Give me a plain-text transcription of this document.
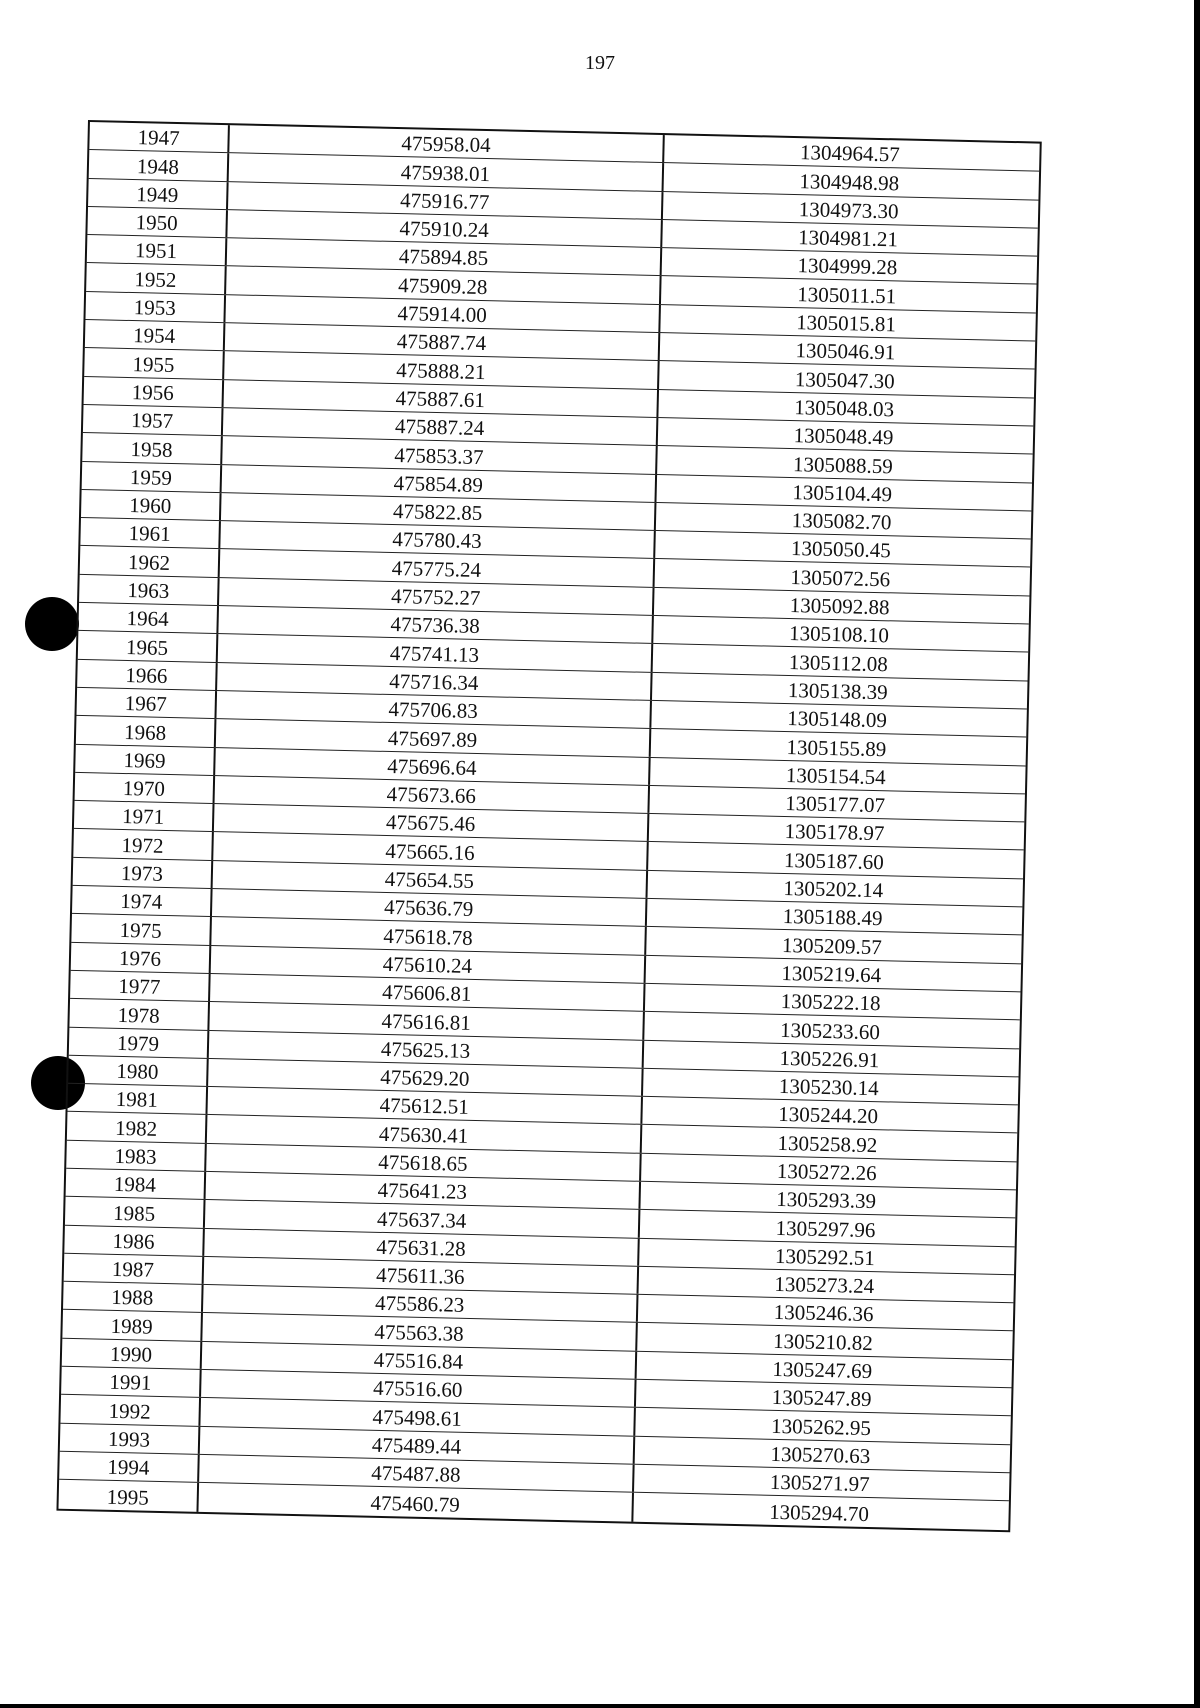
197
1947	475958.04	1304964.57
1948	475938.01	1304948.98
1949	475916.77	1304973.30
1950	475910.24	1304981.21
1951	475894.85	1304999.28
1952	475909.28	1305011.51
1953	475914.00	1305015.81
1954	475887.74	1305046.91
1955	475888.21	1305047.30
1956	475887.61	1305048.03
1957	475887.24	1305048.49
1958	475853.37	1305088.59
1959	475854.89	1305104.49
1960	475822.85	1305082.70
1961	475780.43	1305050.45
1962	475775.24	1305072.56
1963	475752.27	1305092.88
1964	475736.38	1305108.10
1965	475741.13	1305112.08
1966	475716.34	1305138.39
1967	475706.83	1305148.09
1968	475697.89	1305155.89
1969	475696.64	1305154.54
1970	475673.66	1305177.07
1971	475675.46	1305178.97
1972	475665.16	1305187.60
1973	475654.55	1305202.14
1974	475636.79	1305188.49
1975	475618.78	1305209.57
1976	475610.24	1305219.64
1977	475606.81	1305222.18
1978	475616.81	1305233.60
1979	475625.13	1305226.91
1980	475629.20	1305230.14
1981	475612.51	1305244.20
1982	475630.41	1305258.92
1983	475618.65	1305272.26
1984	475641.23	1305293.39
1985	475637.34	1305297.96
1986	475631.28	1305292.51
1987	475611.36	1305273.24
1988	475586.23	1305246.36
1989	475563.38	1305210.82
1990	475516.84	1305247.69
1991	475516.60	1305247.89
1992	475498.61	1305262.95
1993	475489.44	1305270.63
1994	475487.88	1305271.97
1995	475460.79	1305294.70
